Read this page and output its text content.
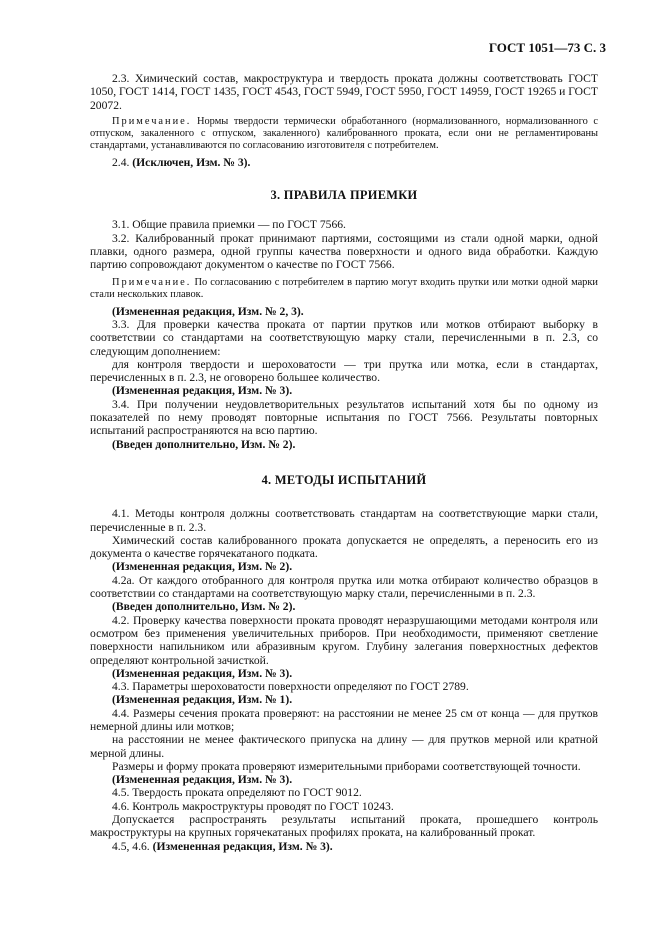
ГОСТ 1051—73 С. 3

2.3. Химический состав, макроструктура и твердость проката должны соответствовать ГОСТ 1050, ГОСТ 1414, ГОСТ 1435, ГОСТ 4543, ГОСТ 5949, ГОСТ 5950, ГОСТ 14959, ГОСТ 19265 и ГОСТ 20072.

Примечание. Нормы твердости термически обработанного (нормализованного, нормализованного с отпуском, закаленного с отпуском, закаленного) калиброванного проката, если они не регламентированы стандартами, устанавливаются по согласованию изготовителя с потребителем.

2.4. (Исключен, Изм. № 3).

3. ПРАВИЛА ПРИЕМКИ

3.1. Общие правила приемки — по ГОСТ 7566.

3.2. Калиброванный прокат принимают партиями, состоящими из стали одной марки, одной плавки, одного размера, одной группы качества поверхности и одного вида обработки. Каждую партию сопровождают документом о качестве по ГОСТ 7566.

Примечание. По согласованию с потребителем в партию могут входить прутки или мотки одной марки стали нескольких плавок.

(Измененная редакция, Изм. № 2, 3).

3.3. Для проверки качества проката от партии прутков или мотков отбирают выборку в соответствии со стандартами на соответствующую марку стали, перечисленными в п. 2.3, со следующим дополнением:

для контроля твердости и шероховатости — три прутка или мотка, если в стандартах, перечисленных в п. 2.3, не оговорено большее количество.

(Измененная редакция, Изм. № 3).

3.4. При получении неудовлетворительных результатов испытаний хотя бы по одному из показателей по нему проводят повторные испытания по ГОСТ 7566. Результаты повторных испытаний распространяются на всю партию.

(Введен дополнительно, Изм. № 2).

4. МЕТОДЫ ИСПЫТАНИЙ

4.1. Методы контроля должны соответствовать стандартам на соответствующие марки стали, перечисленные в п. 2.3.

Химический состав калиброванного проката допускается не определять, а переносить его из документа о качестве горячекатаного подката.

(Измененная редакция, Изм. № 2).

4.2а. От каждого отобранного для контроля прутка или мотка отбирают количество образцов в соответствии со стандартами на соответствующую марку стали, перечисленными в п. 2.3.

(Введен дополнительно, Изм. № 2).

4.2. Проверку качества поверхности проката проводят неразрушающими методами контроля или осмотром без применения увеличительных приборов. При необходимости, применяют светление поверхности напильником или абразивным кругом. Глубину залегания поверхностных дефектов определяют контрольной зачисткой.

(Измененная редакция, Изм. № 3).

4.3. Параметры шероховатости поверхности определяют по ГОСТ 2789.

(Измененная редакция, Изм. № 1).

4.4. Размеры сечения проката проверяют: на расстоянии не менее 25 см от конца — для прутков немерной длины или мотков;

на расстоянии не менее фактического припуска на длину — для прутков мерной или кратной мерной длины.

Размеры и форму проката проверяют измерительными приборами соответствующей точности.

(Измененная редакция, Изм. № 3).

4.5. Твердость проката определяют по ГОСТ 9012.

4.6. Контроль макроструктуры проводят по ГОСТ 10243.

Допускается распространять результаты испытаний проката, прошедшего контроль макроструктуры на крупных горячекатаных профилях проката, на калиброванный прокат.

4.5, 4.6. (Измененная редакция, Изм. № 3).
